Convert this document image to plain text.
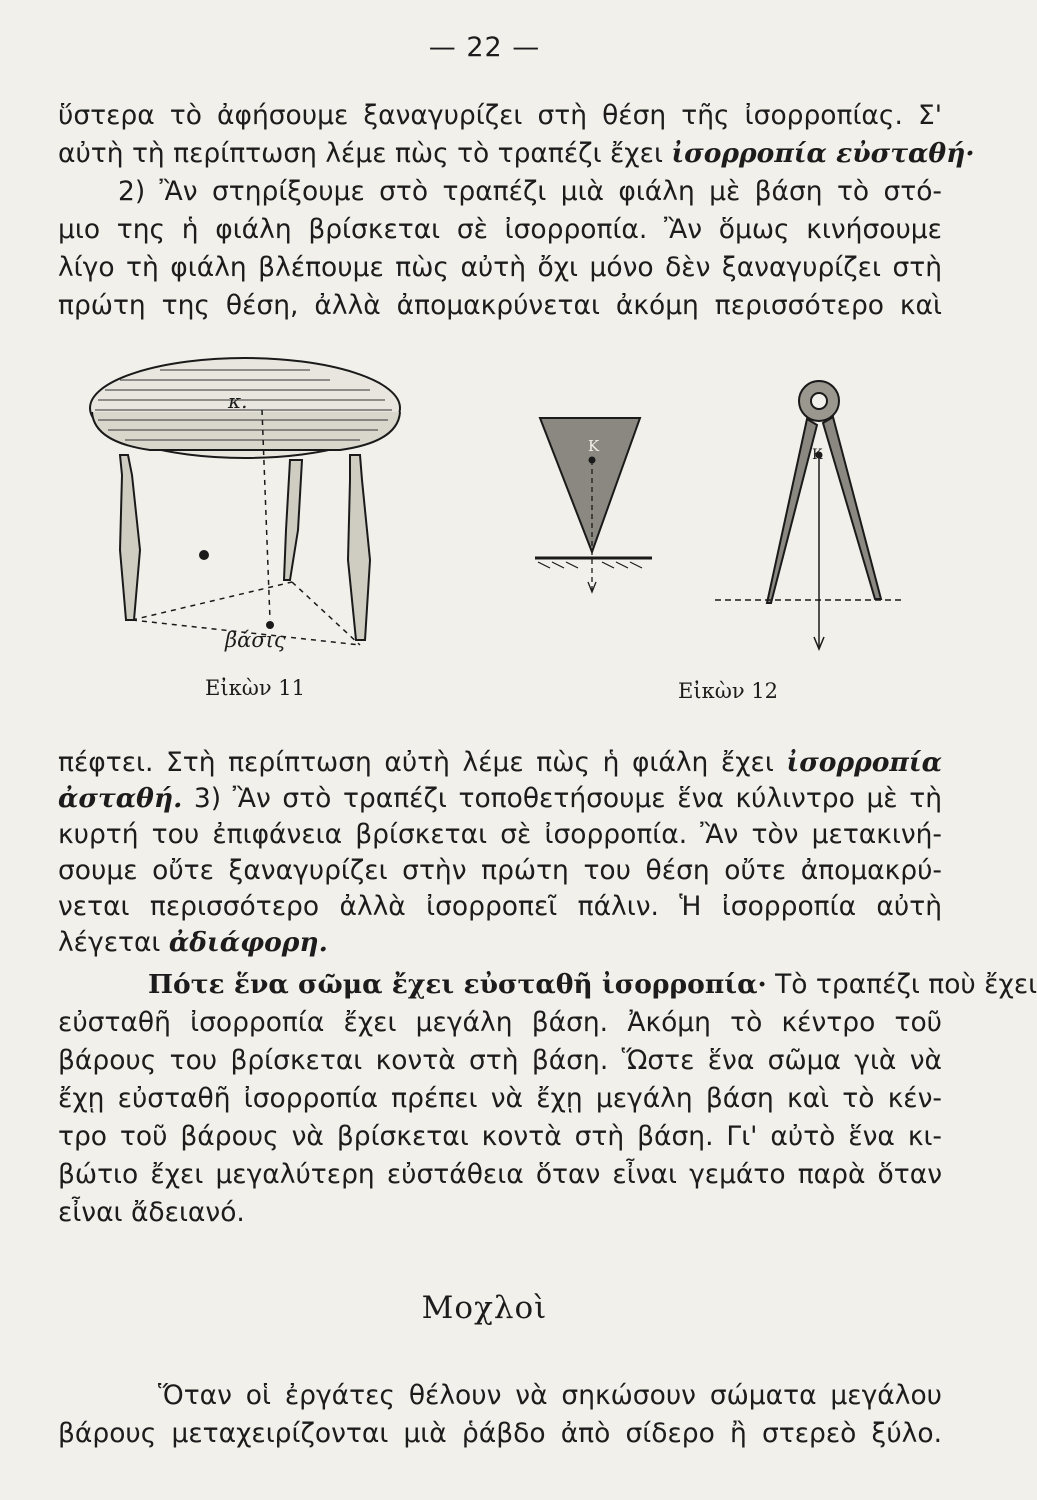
— 22 —
ὕστερα τὸ ἀφήσουμε ξαναγυρίζει στὴ θέση τῆς ἰσορροπίας. Σ'
αὐτὴ τὴ περίπτωση λέμε πὼς τὸ τραπέζι ἔχει ἰσορροπία εὐσταθή·
2) Ἂν στηρίξουμε στὸ τραπέζι μιὰ φιάλη μὲ βάση τὸ στό-
μιο της ἡ φιάλη βρίσκεται σὲ ἰσορροπία. Ἂν ὅμως κινήσουμε
λίγο τὴ φιάλη βλέπουμε πὼς αὐτὴ ὄχι μόνο δὲν ξαναγυρίζει στὴ
πρώτη της θέση, ἀλλὰ ἀπομακρύνεται ἀκόμη περισσότερο καὶ
κ.
βάσις
Εἰκὼν 11
Κ	Κ
Εἰκὼν 12
πέφτει. Στὴ περίπτωση αὐτὴ λέμε πὼς ἡ φιάλη ἔχει ἰσορροπία
ἀσταθή. 3) Ἂν στὸ τραπέζι τοποθετήσουμε ἕνα κύλιντρο μὲ τὴ
κυρτή του ἐπιφάνεια βρίσκεται σὲ ἰσορροπία. Ἂν τὸν μετακινή-
σουμε οὔτε ξαναγυρίζει στὴν πρώτη του θέση οὔτε ἀπομακρύ-
νεται περισσότερο ἀλλὰ ἰσορροπεῖ πάλιν. Ἡ ἰσορροπία αὐτὴ
λέγεται ἀδιάφορη.
Πότε ἕνα σῶμα ἔχει εὐσταθῆ ἰσορροπία· Τὸ τραπέζι ποὺ ἔχει
εὐσταθῆ ἰσορροπία ἔχει μεγάλη βάση. Ἀκόμη τὸ κέντρο τοῦ
βάρους του βρίσκεται κοντὰ στὴ βάση. Ὥστε ἕνα σῶμα γιὰ νὰ
ἔχῃ εὐσταθῆ ἰσορροπία πρέπει νὰ ἔχῃ μεγάλη βάση καὶ τὸ κέν-
τρο τοῦ βάρους νὰ βρίσκεται κοντὰ στὴ βάση. Γι' αὐτὸ ἕνα κι-
βώτιο ἔχει μεγαλύτερη εὐστάθεια ὅταν εἶναι γεμάτο παρὰ ὅταν
εἶναι ἄδειανό.
Μοχλοὶ
Ὅταν οἱ ἐργάτες θέλουν νὰ σηκώσουν σώματα μεγάλου
βάρους μεταχειρίζονται μιὰ ῥάβδο ἀπὸ σίδερο ἢ στερεὸ ξύλο.
